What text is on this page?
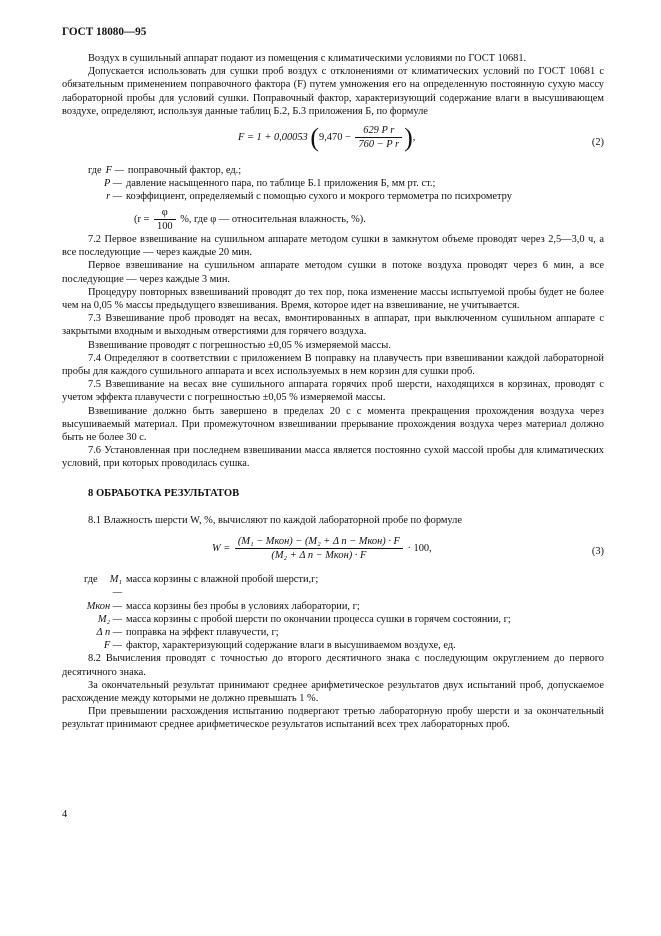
ГОСТ 18080—95

Воздух в сушильный аппарат подают из помещения с климатическими условиями по ГОСТ 10681.

Допускается использовать для сушки проб воздух с отклонениями от климатических условий по ГОСТ 10681 с обязательным применением поправочного фактора (F) путем умножения его на определенную постоянную сухую массу лабораторной пробы для условий сушки. Поправочный фактор, характеризующий содержание влаги в высушивающем воздухе, определяют, используя данные таблиц Б.2, Б.3 приложения Б, по формуле

F = 1 + 0,00053 ($9,470 - \frac{\text{629 P r}}{\text{760 − P r}}$ ),	(2)
где F — поправочный фактор, ед.;
P — давление насыщенного пара, по таблице Б.1 приложения Б, мм рт. ст.;
r — коэффициент, определяемый с помощью сухого и мокрого термометра по психрометру
($r = \frac{\varphi}{100}$ %, где φ — относительная влажность, %).

7.2 Первое взвешивание на сушильном аппарате методом сушки в замкнутом объеме проводят через 2,5—3,0 ч, а все последующие — через каждые 20 мин.

Первое взвешивание на сушильном аппарате методом сушки в потоке воздуха проводят через 6 мин, а все последующие — через каждые 3 мин.

Процедуру повторных взвешиваний проводят до тех пор, пока изменение массы испытуемой пробы будет не более чем на 0,05 % массы предыдущего взвешивания. Время, которое идет на взвешивание, не учитывается.

7.3 Взвешивание проб проводят на весах, вмонтированных в аппарат, при выключенном сушильном аппарате с закрытыми входным и выходным отверстиями для горячего воздуха.

Взвешивание проводят с погрешностью ±0,05 % измеряемой массы.

7.4 Определяют в соответствии с приложением В поправку на плавучесть при взвешивании каждой лабораторной пробы для каждого сушильного аппарата и всех используемых в нем корзин для сушки проб.

7.5 Взвешивание на весах вне сушильного аппарата горячих проб шерсти, находящихся в корзинах, проводят с учетом эффекта плавучести с погрешностью ±0,05 % измеряемой массы.

Взвешивание должно быть завершено в пределах 20 с с момента прекращения прохождения воздуха через высушиваемый материал. При промежуточном взвешивании прерывание прохождения воздуха через материал должно быть не более 30 с.

7.6 Установленная при последнем взвешивании масса является постоянно сухой массой пробы для климатических условий, при которых проводилась сушка.

8 ОБРАБОТКА РЕЗУЛЬТАТОВ

8.1 Влажность шерсти W, %, вычисляют по каждой лабораторной пробе по формуле

$W = \frac{\text{(M₁ − Mкон) − (M₂ + Δ n − Mкон) · F}}{\text{(M₂ + Δ n − Mкон) · F}} \cdot 100$,	(3)
где	M₁ —
масса корзины с влажной пробой шерсти,г;
Mкон — масса корзины без пробы в условиях лаборатории, г;
M₂ — масса корзины с пробой шерсти по окончании процесса сушки в горячем состоянии, г;
Δ n — поправка на эффект плавучести, г;
F — фактор, характеризующий содержание влаги в высушиваемом воздухе, ед.

8.2 Вычисления проводят с точностью до второго десятичного знака с последующим округлением до первого десятичного знака.

За окончательный результат принимают среднее арифметическое результатов двух испытаний проб, допускаемое расхождение между которыми не должно превышать 1 %.

При превышении расхождения испытанию подвергают третью лабораторную пробу шерсти и за окончательный результат принимают среднее арифметическое результатов испытаний всех трех лабораторных проб.

4
